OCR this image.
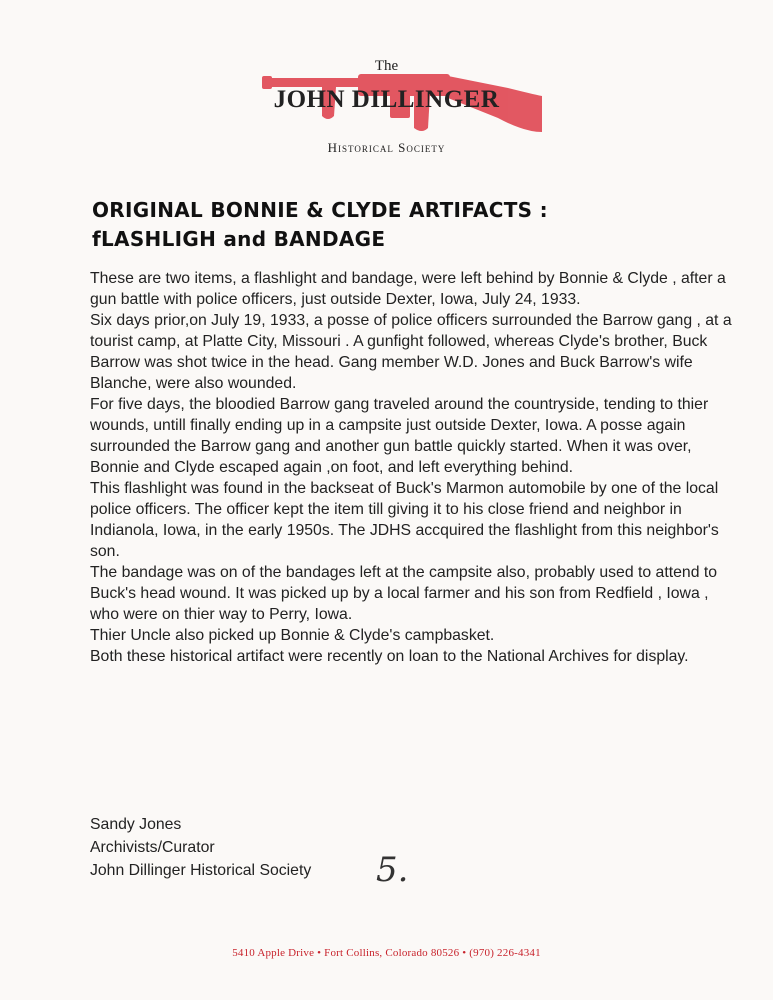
The
JOHN DILLINGER
Historical Society
ORIGINAL BONNIE & CLYDE ARTIFACTS :
fLASHLIGH and BANDAGE

These are two items, a flashlight and bandage, were left behind by Bonnie & Clyde , after a gun battle with police officers, just outside Dexter, Iowa, July 24, 1933.

Six days prior,on July 19, 1933, a posse of police officers surrounded the Barrow gang , at a tourist camp, at Platte City, Missouri . A gunfight followed, whereas Clyde's brother, Buck Barrow was shot twice in the head. Gang member W.D. Jones and Buck Barrow's wife Blanche, were also wounded.

For five days, the bloodied Barrow gang traveled around the countryside, tending to thier wounds, untill finally ending up in a campsite just outside Dexter, Iowa. A posse again surrounded the Barrow gang and another gun battle quickly started. When it was over, Bonnie and Clyde escaped again ,on foot, and left everything behind.

This flashlight was found in the backseat of Buck's Marmon automobile by one of the local police officers. The officer kept the item till giving it to his close friend and neighbor in Indianola, Iowa, in the early 1950s. The JDHS accquired the flashlight from this neighbor's son.

The bandage was on of the bandages left at the campsite also, probably used to attend to Buck's head wound. It was picked up by a local farmer and his son from Redfield , Iowa , who were on thier way to Perry, Iowa.

Thier Uncle also picked up Bonnie & Clyde's campbasket.

Both these historical artifact were recently on loan to the National Archives for display.

Sandy Jones
Archivists/Curator
John Dillinger Historical Society 5.
5410 Apple Drive • Fort Collins, Colorado 80526 • (970) 226-4341
